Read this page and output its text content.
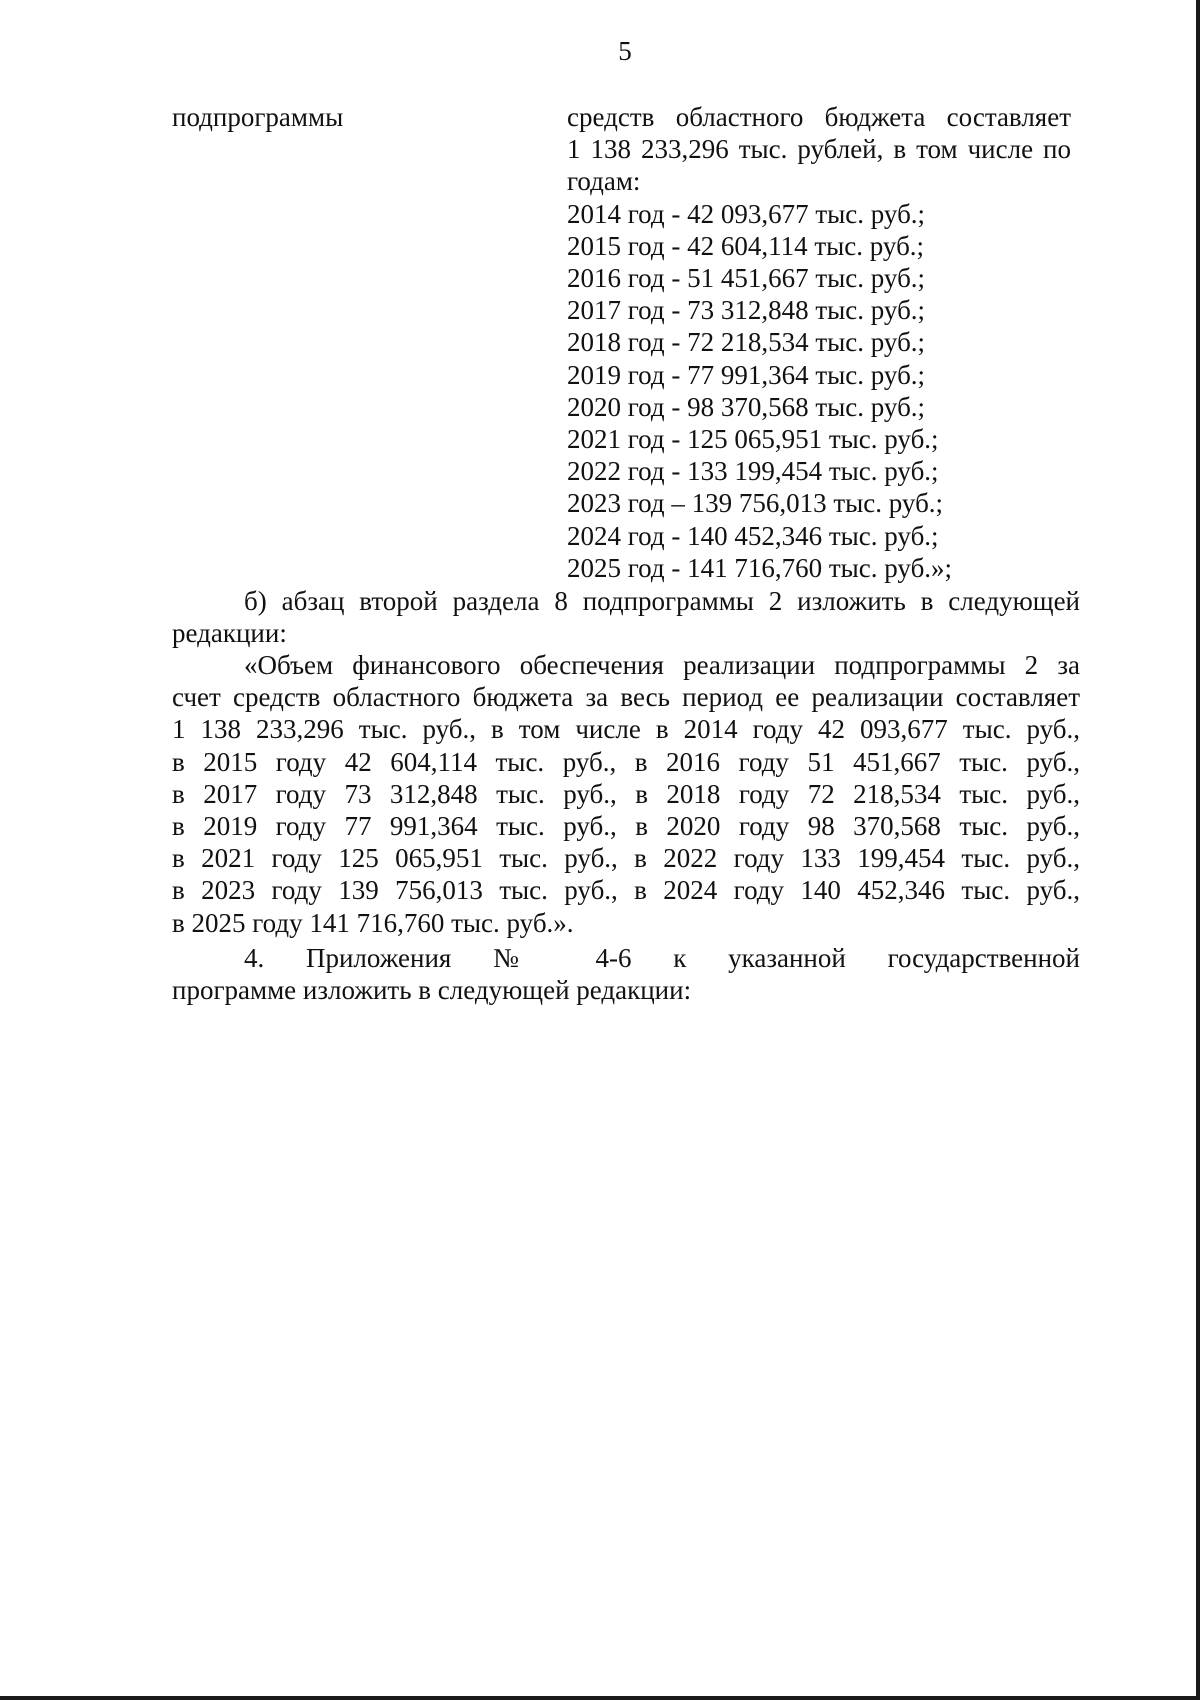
5
подпрограммы	средств областного бюджета составляет
1 138 233,296 тыс. рублей, в том числе по
годам:
2014 год - 42 093,677 тыс. руб.;
2015 год - 42 604,114 тыс. руб.;
2016 год - 51 451,667 тыс. руб.;
2017 год - 73 312,848 тыс. руб.;
2018 год - 72 218,534 тыс. руб.;
2019 год - 77 991,364 тыс. руб.;
2020 год - 98 370,568 тыс. руб.;
2021 год - 125 065,951 тыс. руб.;
2022 год - 133 199,454 тыс. руб.;
2023 год – 139 756,013 тыс. руб.;
2024 год - 140 452,346 тыс. руб.;
2025 год - 141 716,760 тыс. руб.»;
б) абзац второй раздела 8 подпрограммы 2 изложить в следующей
редакции:
«Объем финансового обеспечения реализации подпрограммы 2 за
счет средств областного бюджета за весь период ее реализации составляет
1 138 233,296 тыс. руб., в том числе в 2014 году 42 093,677 тыс. руб.,
в 2015 году 42 604,114 тыс. руб., в 2016 году 51 451,667 тыс. руб.,
в 2017 году 73 312,848 тыс. руб., в 2018 году 72 218,534 тыс. руб.,
в 2019 году 77 991,364 тыс. руб., в 2020 году 98 370,568 тыс. руб.,
в 2021 году 125 065,951 тыс. руб., в 2022 году 133 199,454 тыс. руб.,
в 2023 году 139 756,013 тыс. руб., в 2024 году 140 452,346 тыс. руб.,
в 2025 году 141 716,760 тыс. руб.».
4. Приложения № 4-6 к указанной государственной
программе изложить в следующей редакции:
